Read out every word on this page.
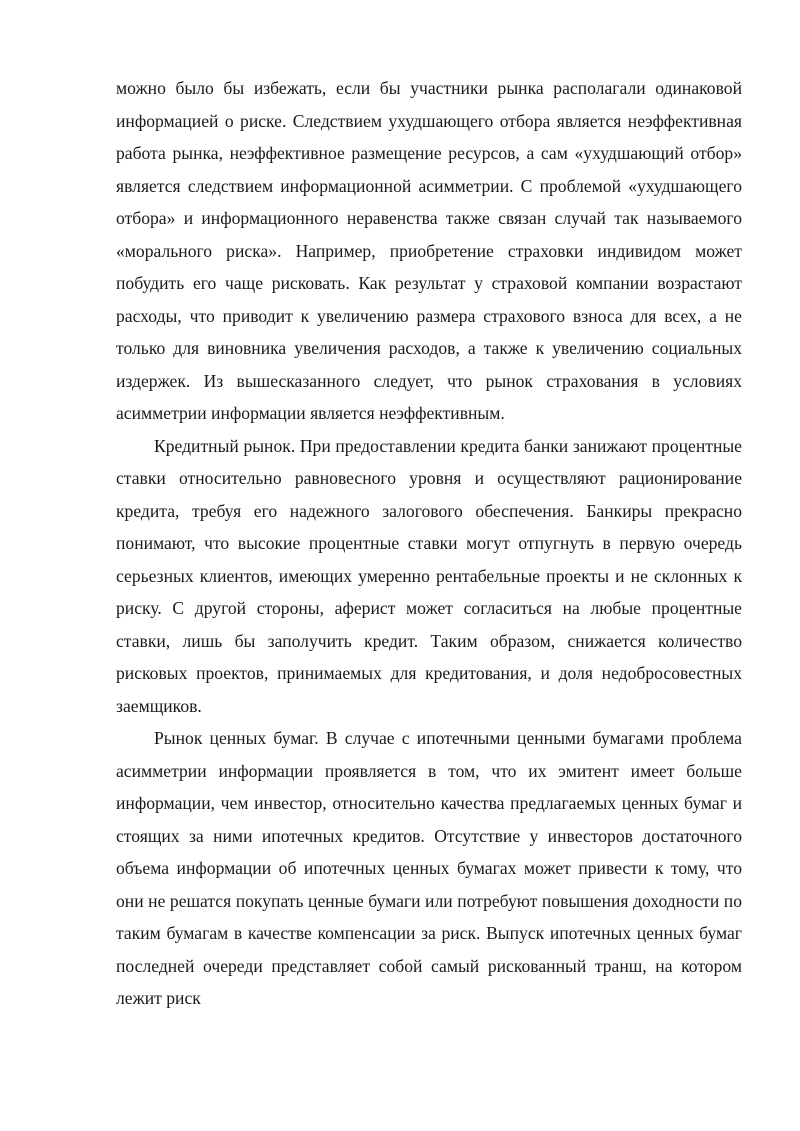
можно было бы избежать, если бы участники рынка располагали одинаковой информацией о риске. Следствием ухудшающего отбора является неэффективная работа рынка, неэффективное размещение ресурсов, а сам «ухудшающий отбор» является следствием информационной асимметрии. С проблемой «ухудшающего отбора» и информационного неравенства также связан случай так называемого «морального риска». Например, приобретение страховки индивидом может побудить его чаще рисковать. Как результат у страховой компании возрастают расходы, что приводит к увеличению размера страхового взноса для всех, а не только для виновника увеличения расходов, а также к увеличению социальных издержек. Из вышесказанного следует, что рынок страхования в условиях асимметрии информации является неэффективным.

Кредитный рынок. При предоставлении кредита банки занижают процентные ставки относительно равновесного уровня и осуществляют рационирование кредита, требуя его надежного залогового обеспечения. Банкиры прекрасно понимают, что высокие процентные ставки могут отпугнуть в первую очередь серьезных клиентов, имеющих умеренно рентабельные проекты и не склонных к риску. С другой стороны, аферист может согласиться на любые процентные ставки, лишь бы заполучить кредит. Таким образом, снижается количество рисковых проектов, принимаемых для кредитования, и доля недобросовестных заемщиков.

Рынок ценных бумаг. В случае с ипотечными ценными бумагами проблема асимметрии информации проявляется в том, что их эмитент имеет больше информации, чем инвестор, относительно качества предлагаемых ценных бумаг и стоящих за ними ипотечных кредитов. Отсутствие у инвесторов достаточного объема информации об ипотечных ценных бумагах может привести к тому, что они не решатся покупать ценные бумаги или потребуют повышения доходности по таким бумагам в качестве компенсации за риск. Выпуск ипотечных ценных бумаг последней очереди представляет собой самый рискованный транш, на котором лежит риск
